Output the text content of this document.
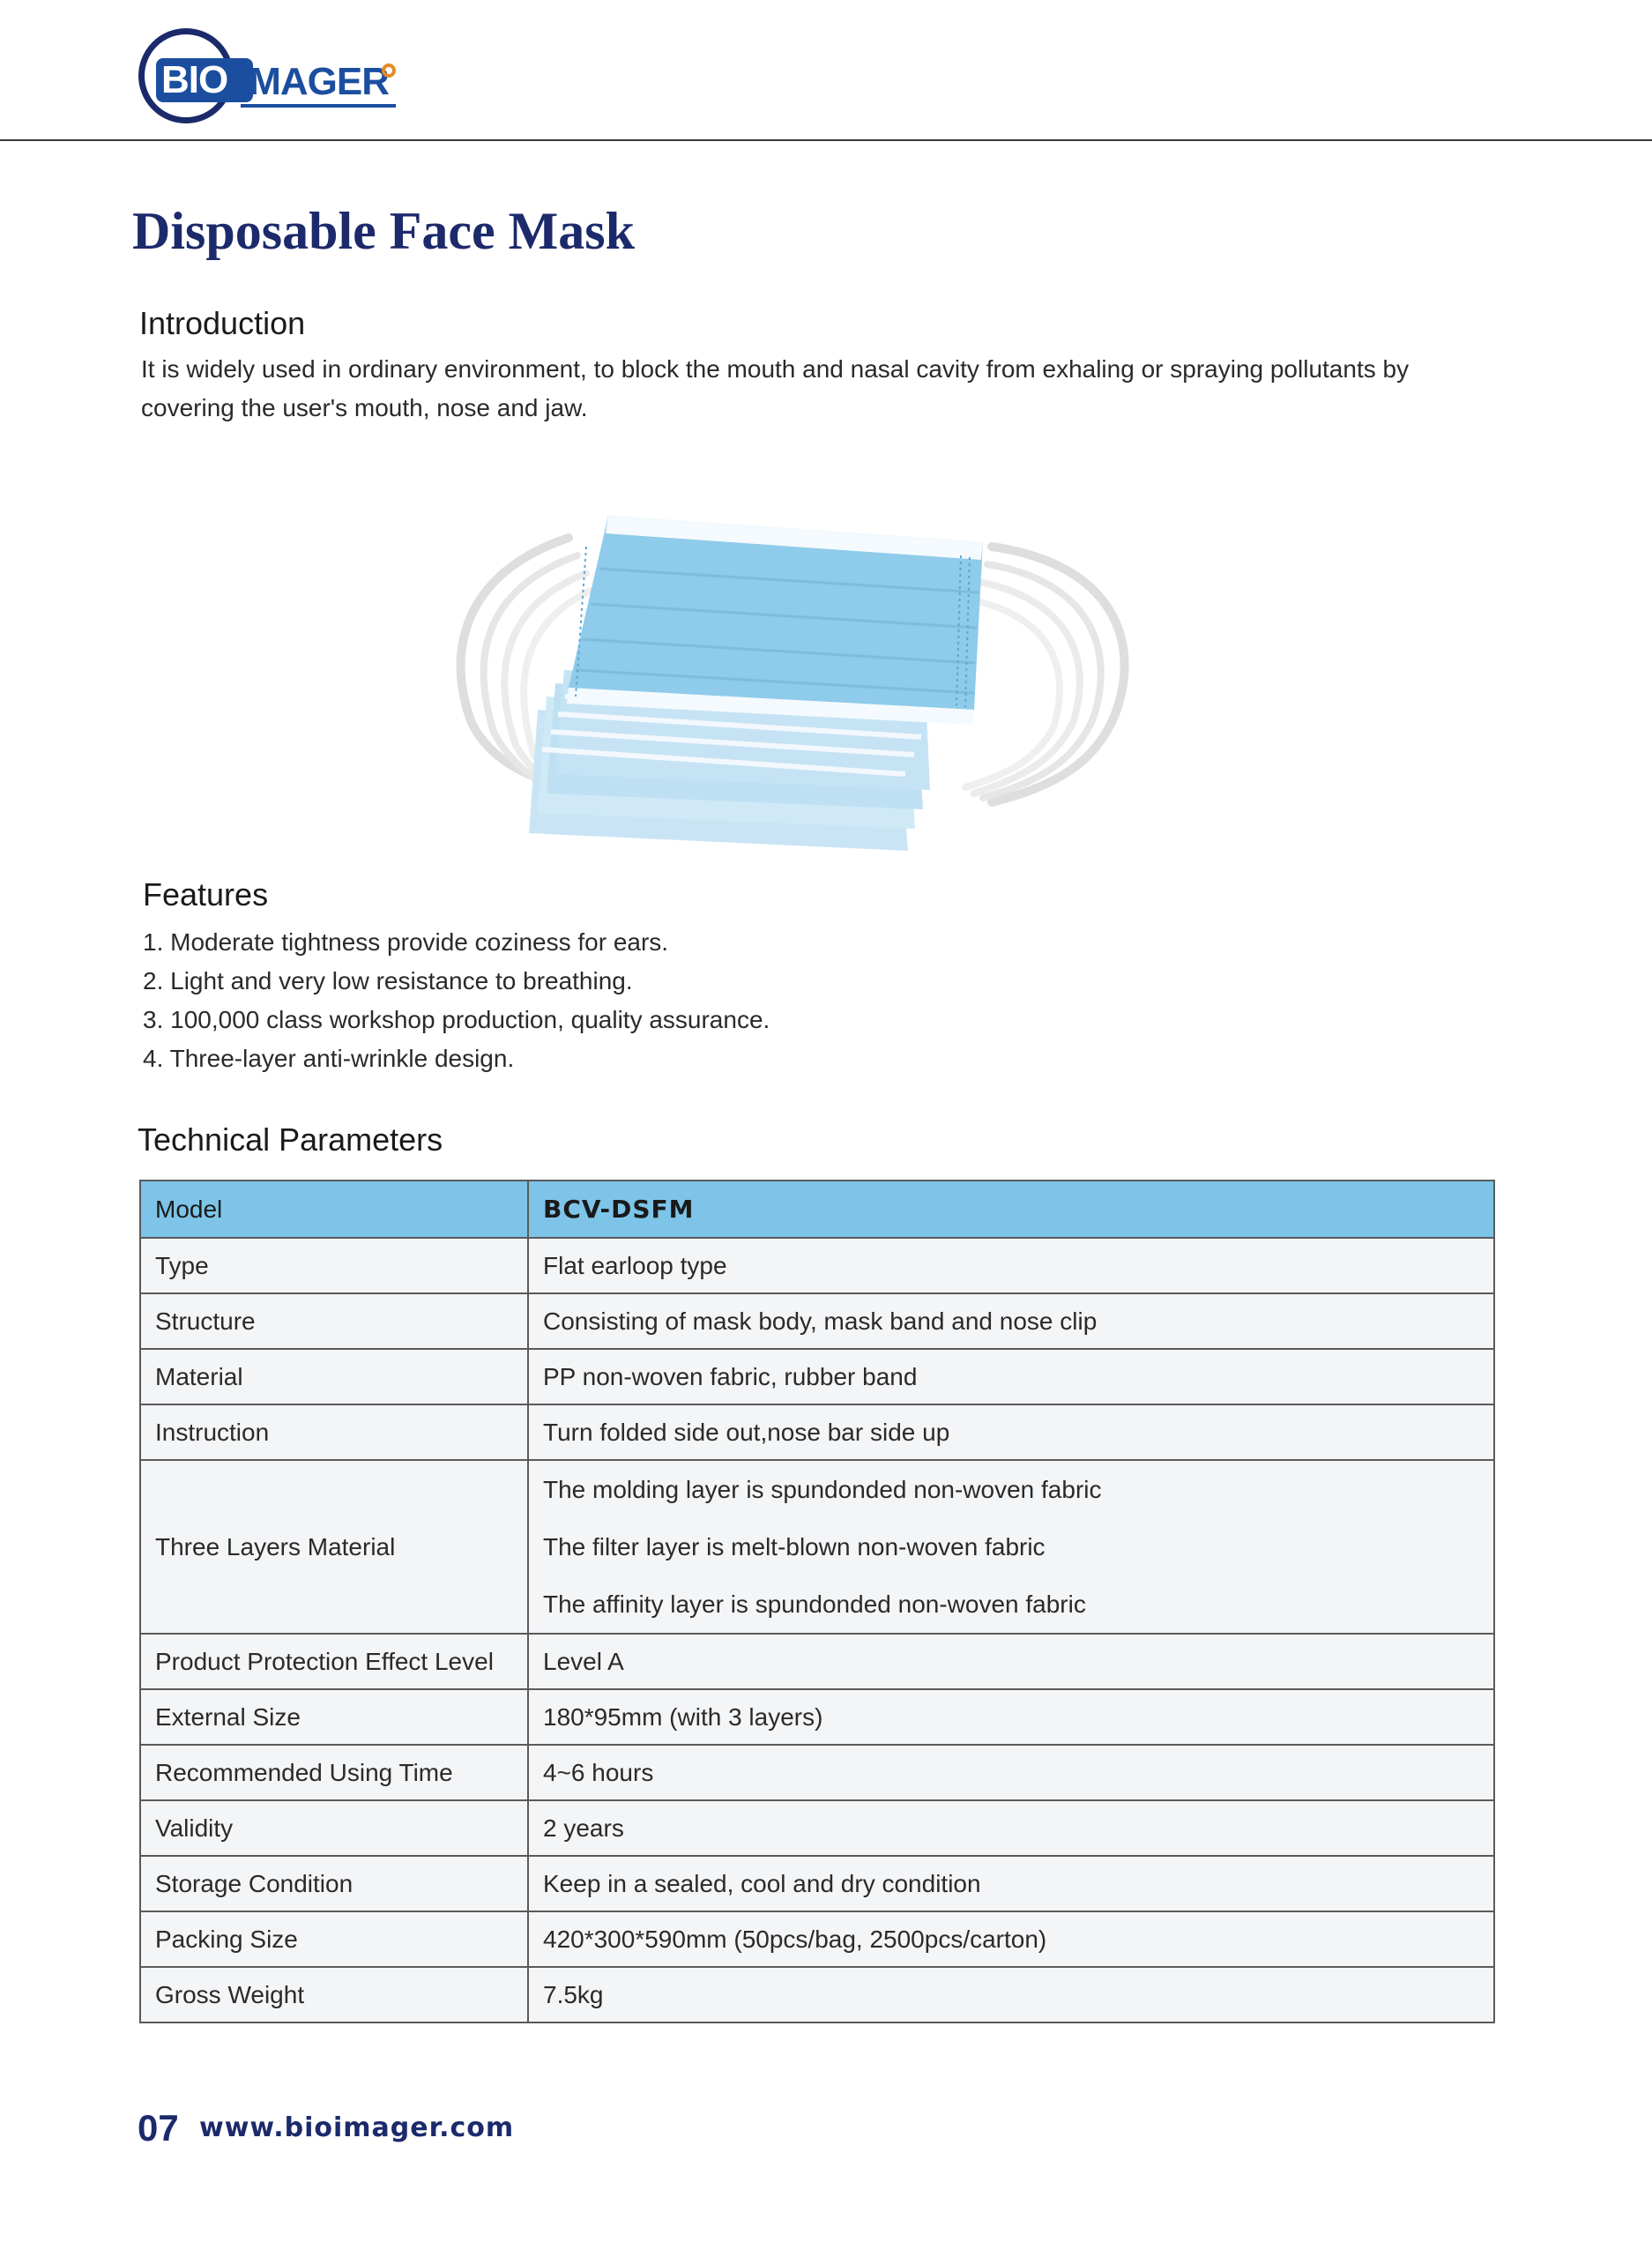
BIO IMAGER
Disposable Face Mask
Introduction

It is widely used in ordinary environment, to block the mouth and nasal cavity from exhaling or spraying pollutants by

covering the user's mouth, nose and jaw.

Features
1. Moderate tightness provide coziness for ears.
2. Light and very low resistance to breathing.
3. 100,000 class workshop production, quality assurance.
4. Three-layer anti-wrinkle design.
Technical Parameters
Model	BCV-DSFM
Type	Flat earloop type
Structure	Consisting of mask body, mask band and nose clip
Material	PP non-woven fabric, rubber band
Instruction	Turn folded side out,nose bar side up
Three Layers Material	The molding layer is spundonded non-woven fabric
The filter layer is melt-blown non-woven fabric
The affinity layer is spundonded non-woven fabric

Product Protection Effect Level	Level A
External Size	180*95mm (with 3 layers)
Recommended Using Time	4~6 hours
Validity	2 years
Storage Condition	Keep in a sealed, cool and dry condition
Packing Size	420*300*590mm (50pcs/bag, 2500pcs/carton)
Gross Weight	7.5kg
07 www.bioimager.com
